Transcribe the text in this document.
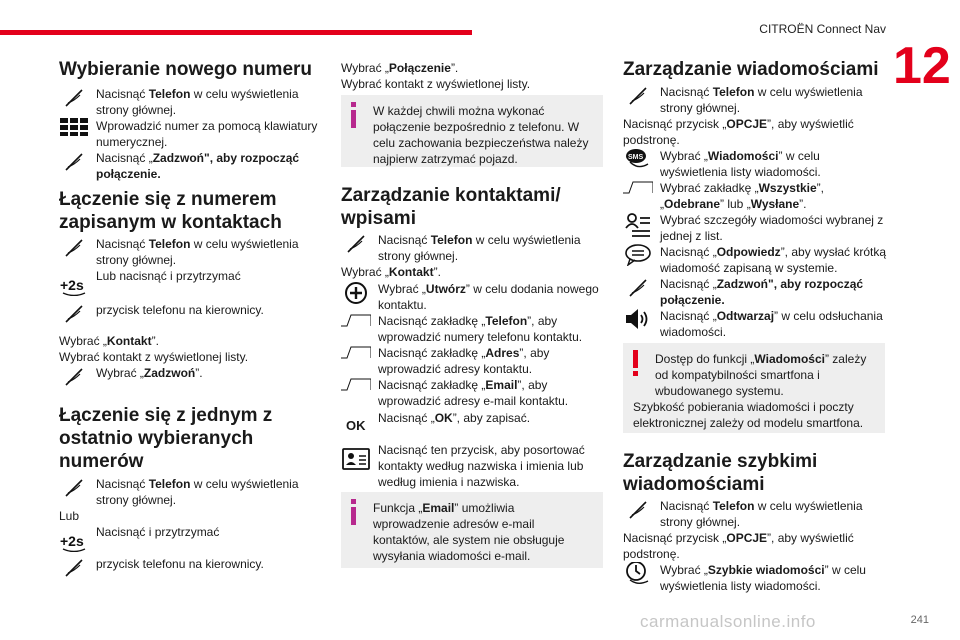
CITROËN Connect Nav
12
Wybieranie nowego numeru
Nacisnąć Telefon w celu wyświetlenia strony głównej.
Wprowadzić numer za pomocą klawiatury numerycznej.
Nacisnąć „Zadzwoń", aby rozpocząć połączenie.
Łączenie się z numerem zapisanym w kontaktach
Nacisnąć Telefon w celu wyświetlenia strony głównej.
+2s
Lub nacisnąć i przytrzymać
przycisk telefonu na kierownicy.
Wybrać „Kontakt”.
Wybrać kontakt z wyświetlonej listy.
Wybrać „Zadzwoń”.
Łączenie się z jednym z ostatnio wybieranych numerów
Nacisnąć Telefon w celu wyświetlenia strony głównej.
Lub
+2s
Nacisnąć i przytrzymać
przycisk telefonu na kierownicy.
Wybrać „Połączenie”.
Wybrać kontakt z wyświetlonej listy.
W każdej chwili można wykonać połączenie bezpośrednio z telefonu. W celu zachowania bezpieczeństwa należy najpierw zatrzymać pojazd.
Zarządzanie kontaktami/ wpisami
Nacisnąć Telefon w celu wyświetlenia strony głównej.
Wybrać „Kontakt”.
Wybrać „Utwórz” w celu dodania nowego kontaktu.
Nacisnąć zakładkę „Telefon”, aby wprowadzić numery telefonu kontaktu.
Nacisnąć zakładkę „Adres”, aby wprowadzić adresy kontaktu.
Nacisnąć zakładkę „Email”, aby wprowadzić adresy e-mail kontaktu.
OK	Nacisnąć „OK”, aby zapisać.
Nacisnąć ten przycisk, aby posortować kontakty według nazwiska i imienia lub według imienia i nazwiska.
Funkcja „Email” umożliwia wprowadzenie adresów e-mail kontaktów, ale system nie obsługuje wysyłania wiadomości e-mail.
Zarządzanie wiadomościami
Nacisnąć Telefon w celu wyświetlenia strony głównej.
Nacisnąć przycisk „OPCJE”, aby wyświetlić podstronę.
SMS Wybrać „Wiadomości” w celu wyświetlenia listy wiadomości.
Wybrać zakładkę „Wszystkie”, „Odebrane” lub „Wysłane”.
Wybrać szczegóły wiadomości wybranej z jednej z list.
Nacisnąć „Odpowiedz”, aby wysłać krótką wiadomość zapisaną w systemie.
Nacisnąć „Zadzwoń", aby rozpocząć połączenie.
Nacisnąć „Odtwarzaj” w celu odsłuchania wiadomości.
Dostęp do funkcji „Wiadomości” zależy od kompatybilności smartfona i wbudowanego systemu.
Szybkość pobierania wiadomości i poczty elektronicznej zależy od modelu smartfona.
Zarządzanie szybkimi wiadomościami
Nacisnąć Telefon w celu wyświetlenia strony głównej.
Nacisnąć przycisk „OPCJE”, aby wyświetlić podstronę.
Wybrać „Szybkie wiadomości” w celu wyświetlenia listy wiadomości.
carmanualsonline.info	241
